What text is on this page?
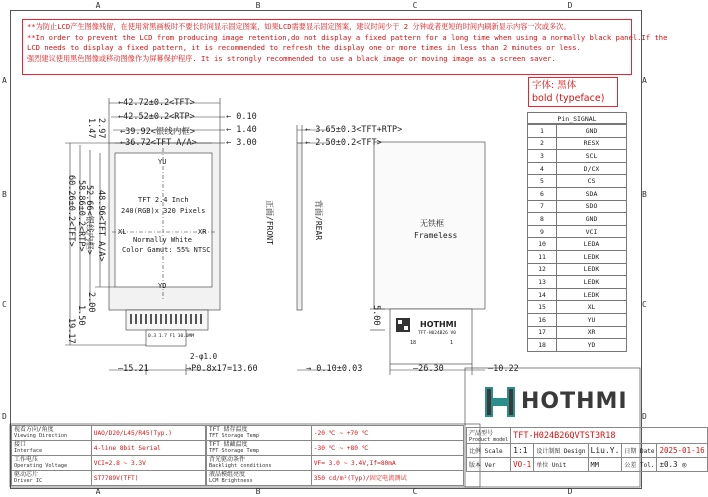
A	B	C	D
A	B	C	D
A
B
C
D
A
B
C
D
**为防止LCD产生图像残留，在使用常黑画板时不要长时间显示固定图案，如果LCD需要显示固定图案，建议时间少于 2 分钟或者更短的时间内刷新显示内容一次或多次。
**In order to prevent the LCD from producing image retention,do not display a fixed pattern for a long time when using a normally black panel.If the
LCD needs to display a fixed pattern, it is recommended to refresh the display one or more times in less than 2 minutes or less.
强烈建议使用黑色图像或移动图像作为屏幕保护程序. It is strongly recommended to use a black image or moving image as a screen saver.
字体: 黑体
bold (typeface)
←42.72±0.2<TFT>
←42.52±0.2<RTP>
←39.92<银线内框>
←36.72<TFT A/A>
← 0.10
← 1.40
← 3.00
2.97
1.47
48.96<TFT A/A>
52.66<银线内框>
58.86±0.2<RTP>
60.26±0.2<TFT>
2.00
1.50
19.17
YU
YD
XL	XR
TFT 2.4 Inch
240(RGB)x 320 Pixels
Normally White
Color Gamut: 55% NTSC
0.3 1.7 F1 30.0MM
2-φ1.0
—15.21	→P0.8x17=13.60
正面/FRONT
← 3.65±0.3<TFT+RTP>
← 2.50±0.2<TFT>
→ 0.10±0.03
背面/REAR	无铁框
Frameless
5.00
—26.30	—10.22
HOTHMI
TFT-H024B26 V0
18	1
Pin_SIGNAL
1	GND
2	RESX
3	SCL
4	D/CX
5	CS
6	SDA
7	SDO
8	GND
9	VCI
10	LEDA
11	LEDK
12	LEDK
13	LEDK
14	LEDK
15	XL
16	YU
17	XR
18	YD
HOTHMI
视看方向/角度
Viewing Direction	UAO/D20/L45/R45(Typ.)

接口
Interface	4-line 8bit Serial

工作电压
Operating Voltage	VCI=2.8 ~ 3.3V

驱动芯片
Driver IC	ST7789V(TFT)
TFT 储存温度
TFT Storage Temp	-20 ℃ ~ +70 ℃

TFT 储藏温度
TFT Storage Temp	-30 ℃ ~ +80 ℃

背光驱动条件
Backlight conditions	VF= 3.0 ~ 3.4V,If=80mA

液晶模组亮度
LCM Brightness	350 cd/m²(Typ)/固定电流测试
产品型号
Product model	TFT-H024B26QVTST3R18				
比例 Scale	1:1	设计制图 Design	Liu.Y.	日期 Date	2025-01-16
版本 Ver	VO-1	单位 Unit	MM	公差 Tol.	±0.3 ◎
